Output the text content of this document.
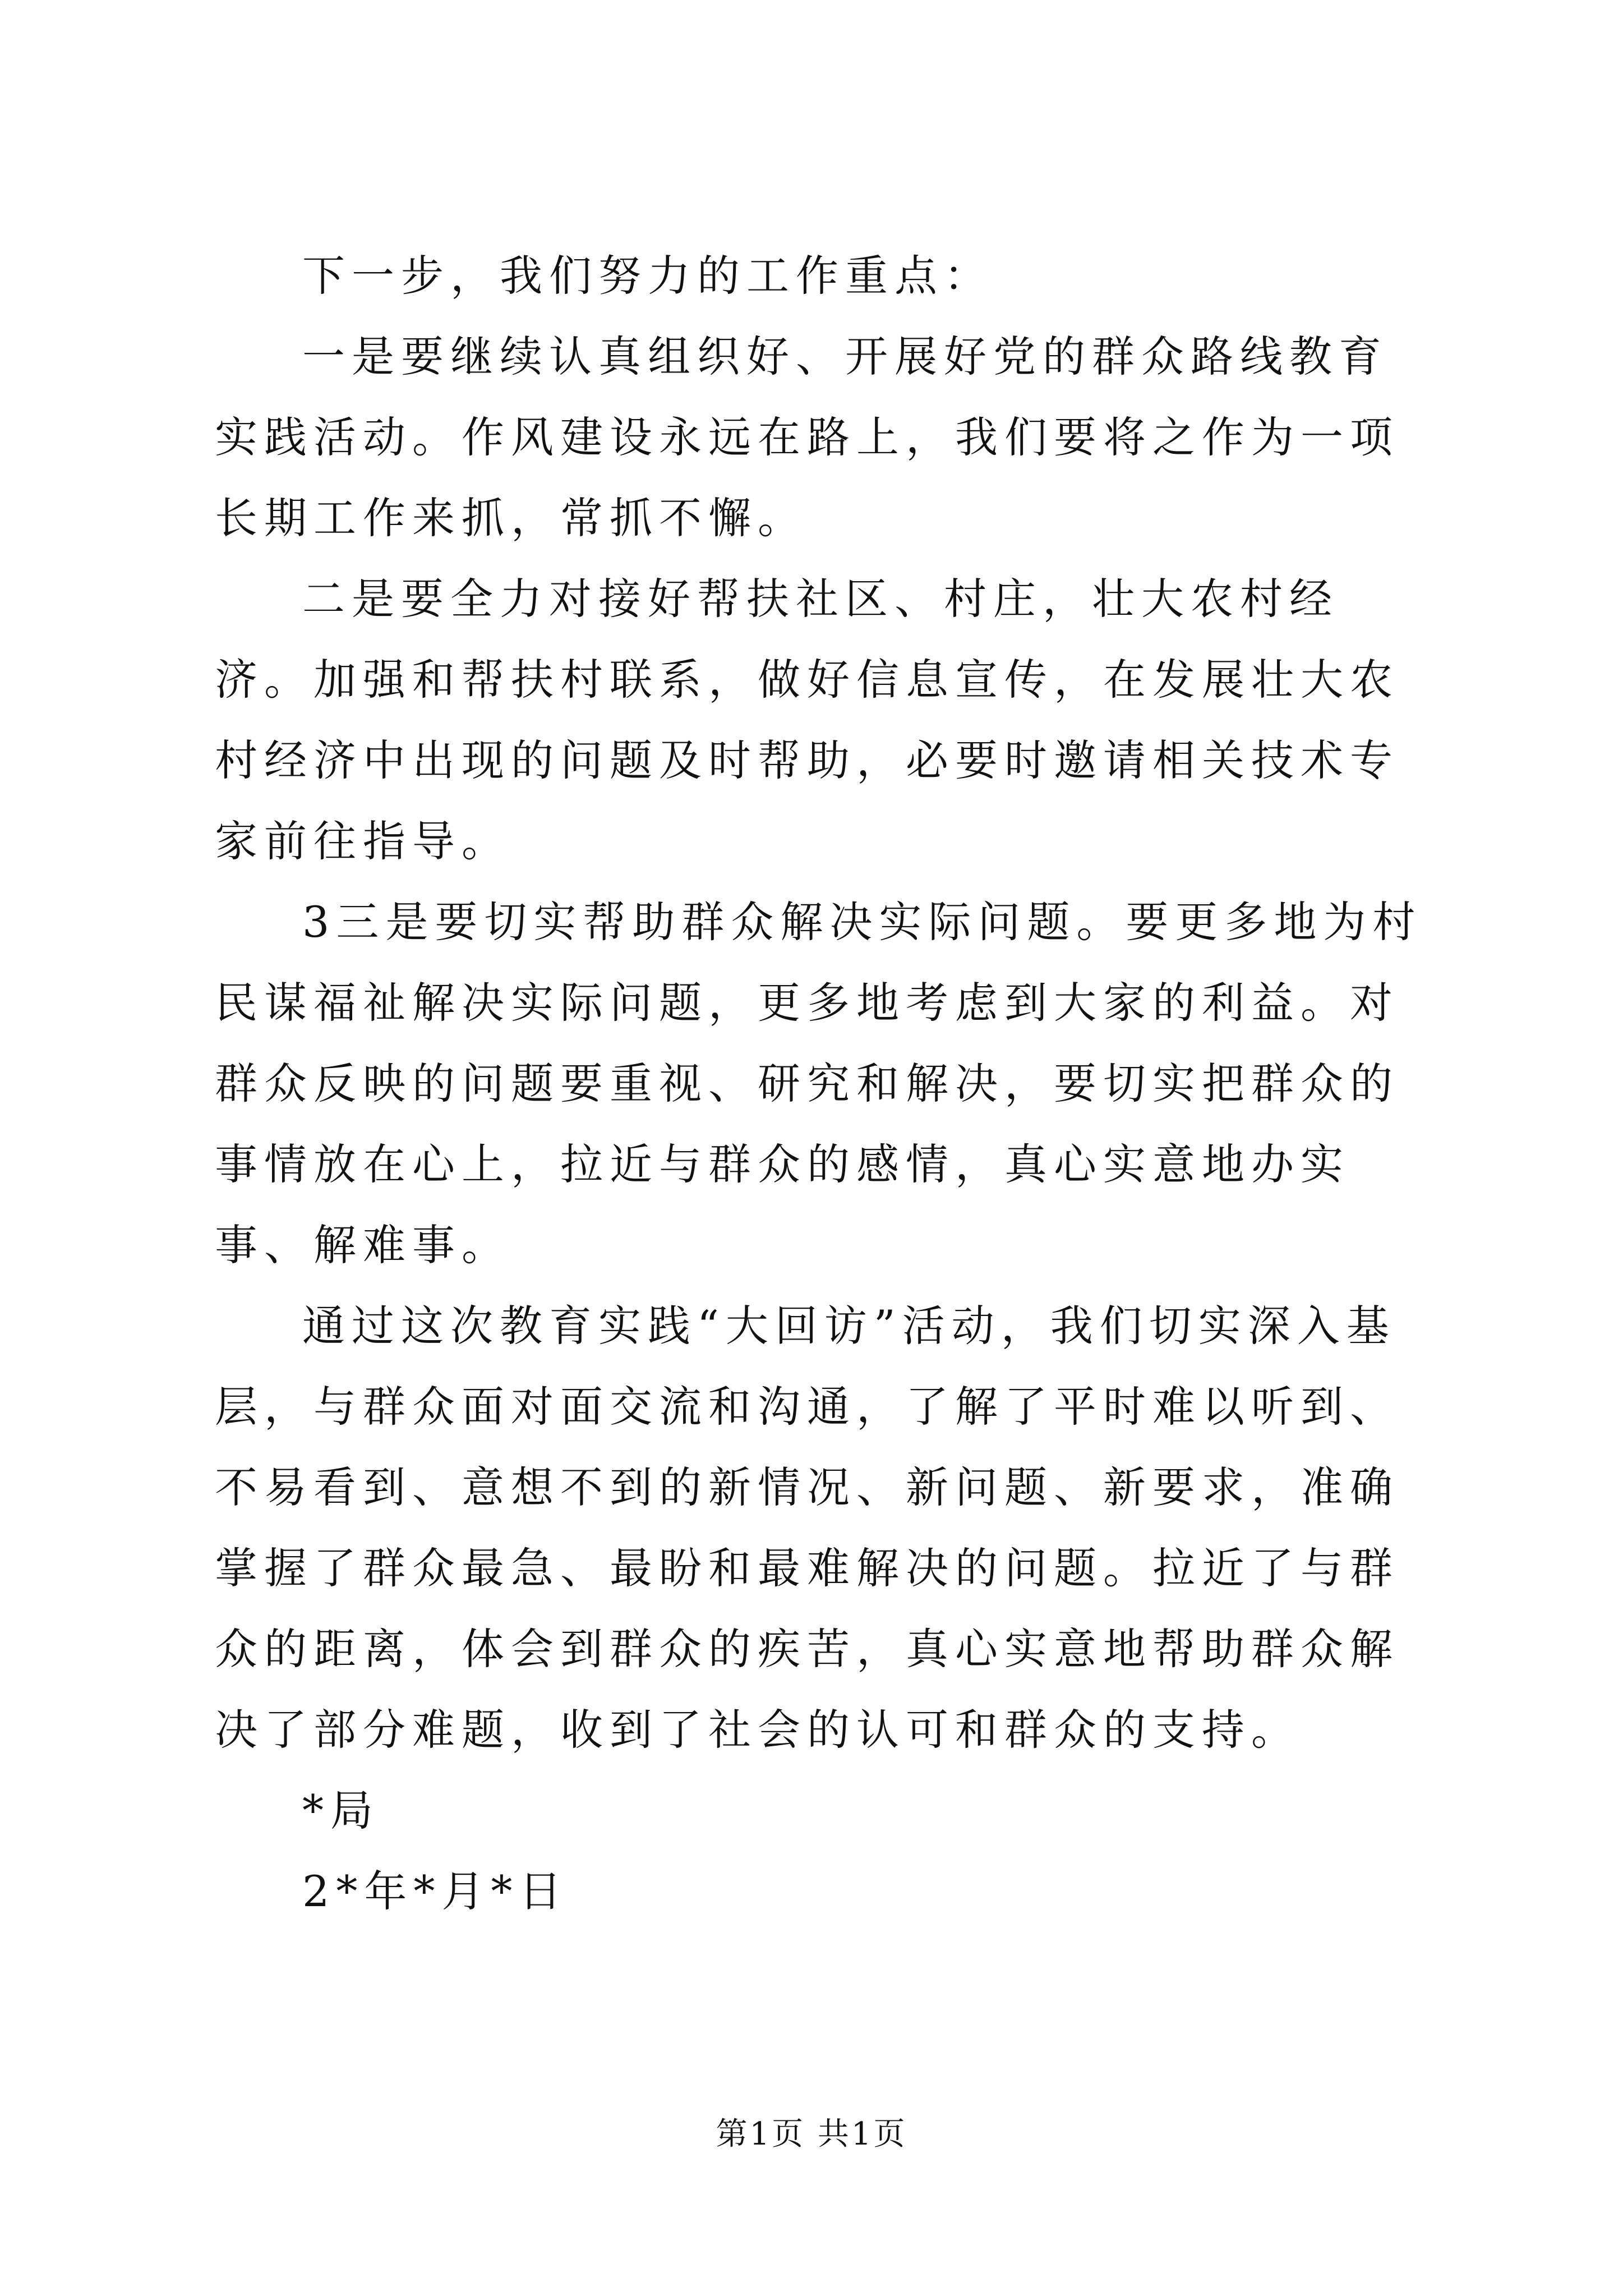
下一步，我们努力的工作重点：

一是要继续认真组织好、开展好党的群众路线教育实践活动。作风建设永远在路上，我们要将之作为一项长期工作来抓，常抓不懈。

二是要全力对接好帮扶社区、村庄，壮大农村经济。加强和帮扶村联系，做好信息宣传，在发展壮大农村经济中出现的问题及时帮助，必要时邀请相关技术专家前往指导。

3三是要切实帮助群众解决实际问题。要更多地为村民谋福祉解决实际问题，更多地考虑到大家的利益。对群众反映的问题要重视、研究和解决，要切实把群众的事情放在心上，拉近与群众的感情，真心实意地办实事、解难事。

通过这次教育实践“大回访”活动，我们切实深入基层，与群众面对面交流和沟通，了解了平时难以听到、不易看到、意想不到的新情况、新问题、新要求，准确掌握了群众最急、最盼和最难解决的问题。拉近了与群众的距离，体会到群众的疾苦，真心实意地帮助群众解决了部分难题，收到了社会的认可和群众的支持。

*局

2*年*月*日

第1页 共1页
